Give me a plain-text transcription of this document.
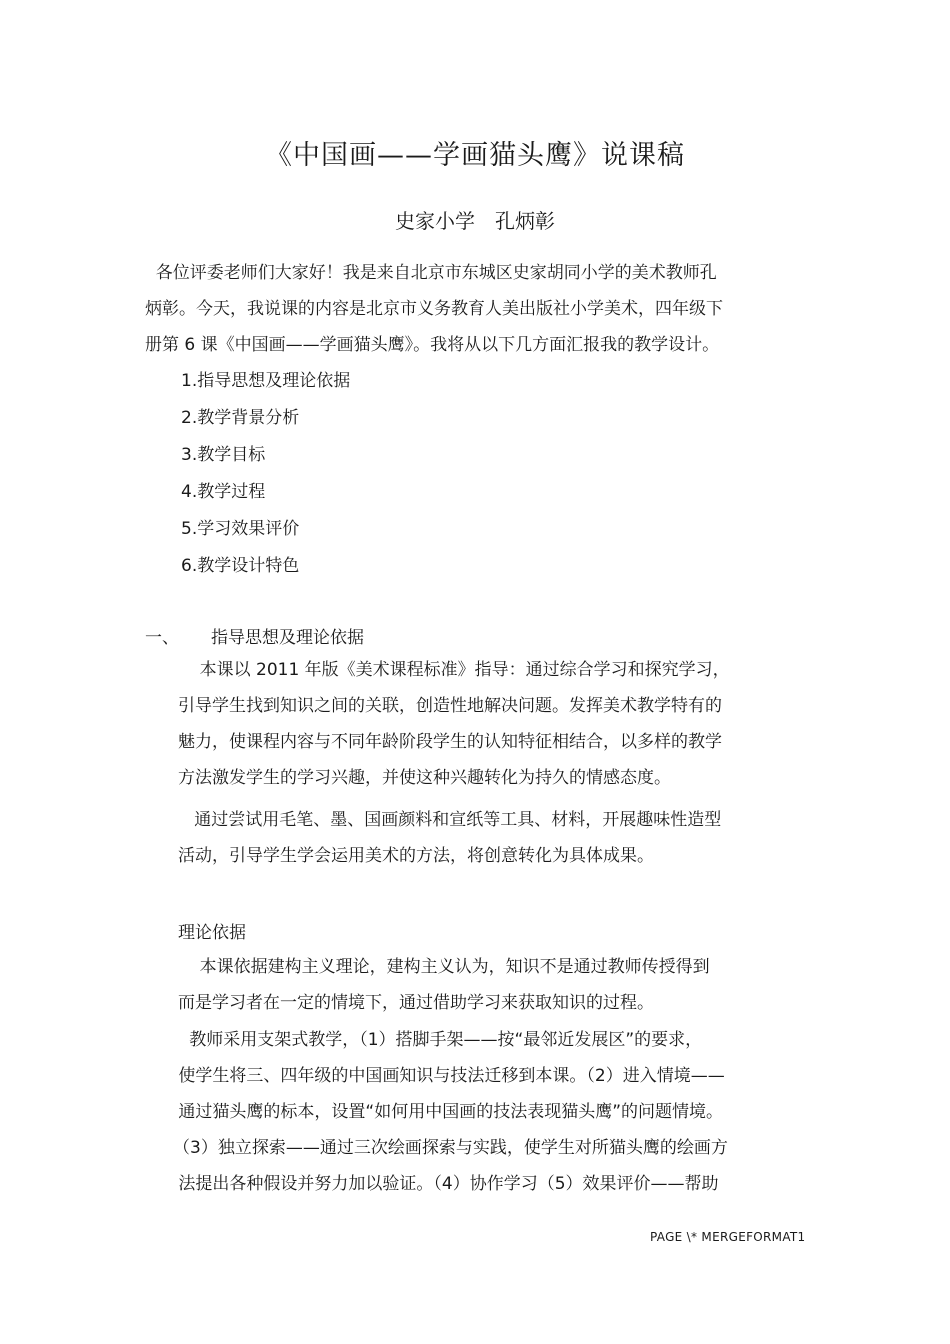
《中国画——学画猫头鹰》说课稿
史家小学　孔炳彰
各位评委老师们大家好！我是来自北京市东城区史家胡同小学的美术教师孔
炳彰。今天，我说课的内容是北京市义务教育人美出版社小学美术，四年级下
册第 6 课《中国画——学画猫头鹰》。我将从以下几方面汇报我的教学设计。
1.指导思想及理论依据
2.教学背景分析
3.教学目标
4.教学过程
5.学习效果评价
6.教学设计特色
一、 指导思想及理论依据
本课以 2011 年版《美术课程标准》指导：通过综合学习和探究学习，
引导学生找到知识之间的关联，创造性地解决问题。发挥美术教学特有的
魅力，使课程内容与不同年龄阶段学生的认知特征相结合，以多样的教学
方法激发学生的学习兴趣，并使这种兴趣转化为持久的情感态度。
通过尝试用毛笔、墨、国画颜料和宣纸等工具、材料，开展趣味性造型
活动，引导学生学会运用美术的方法，将创意转化为具体成果。
理论依据
本课依据建构主义理论，建构主义认为，知识不是通过教师传授得到
而是学习者在一定的情境下，通过借助学习来获取知识的过程。
教师采用支架式教学，（1）搭脚手架——按“最邻近发展区”的要求，
使学生将三、四年级的中国画知识与技法迁移到本课。（2）进入情境——
通过猫头鹰的标本，设置“如何用中国画的技法表现猫头鹰”的问题情境。
（3）独立探索——通过三次绘画探索与实践，使学生对所猫头鹰的绘画方
法提出各种假设并努力加以验证。（4）协作学习（5）效果评价——帮助
PAGE \* MERGEFORMAT1
